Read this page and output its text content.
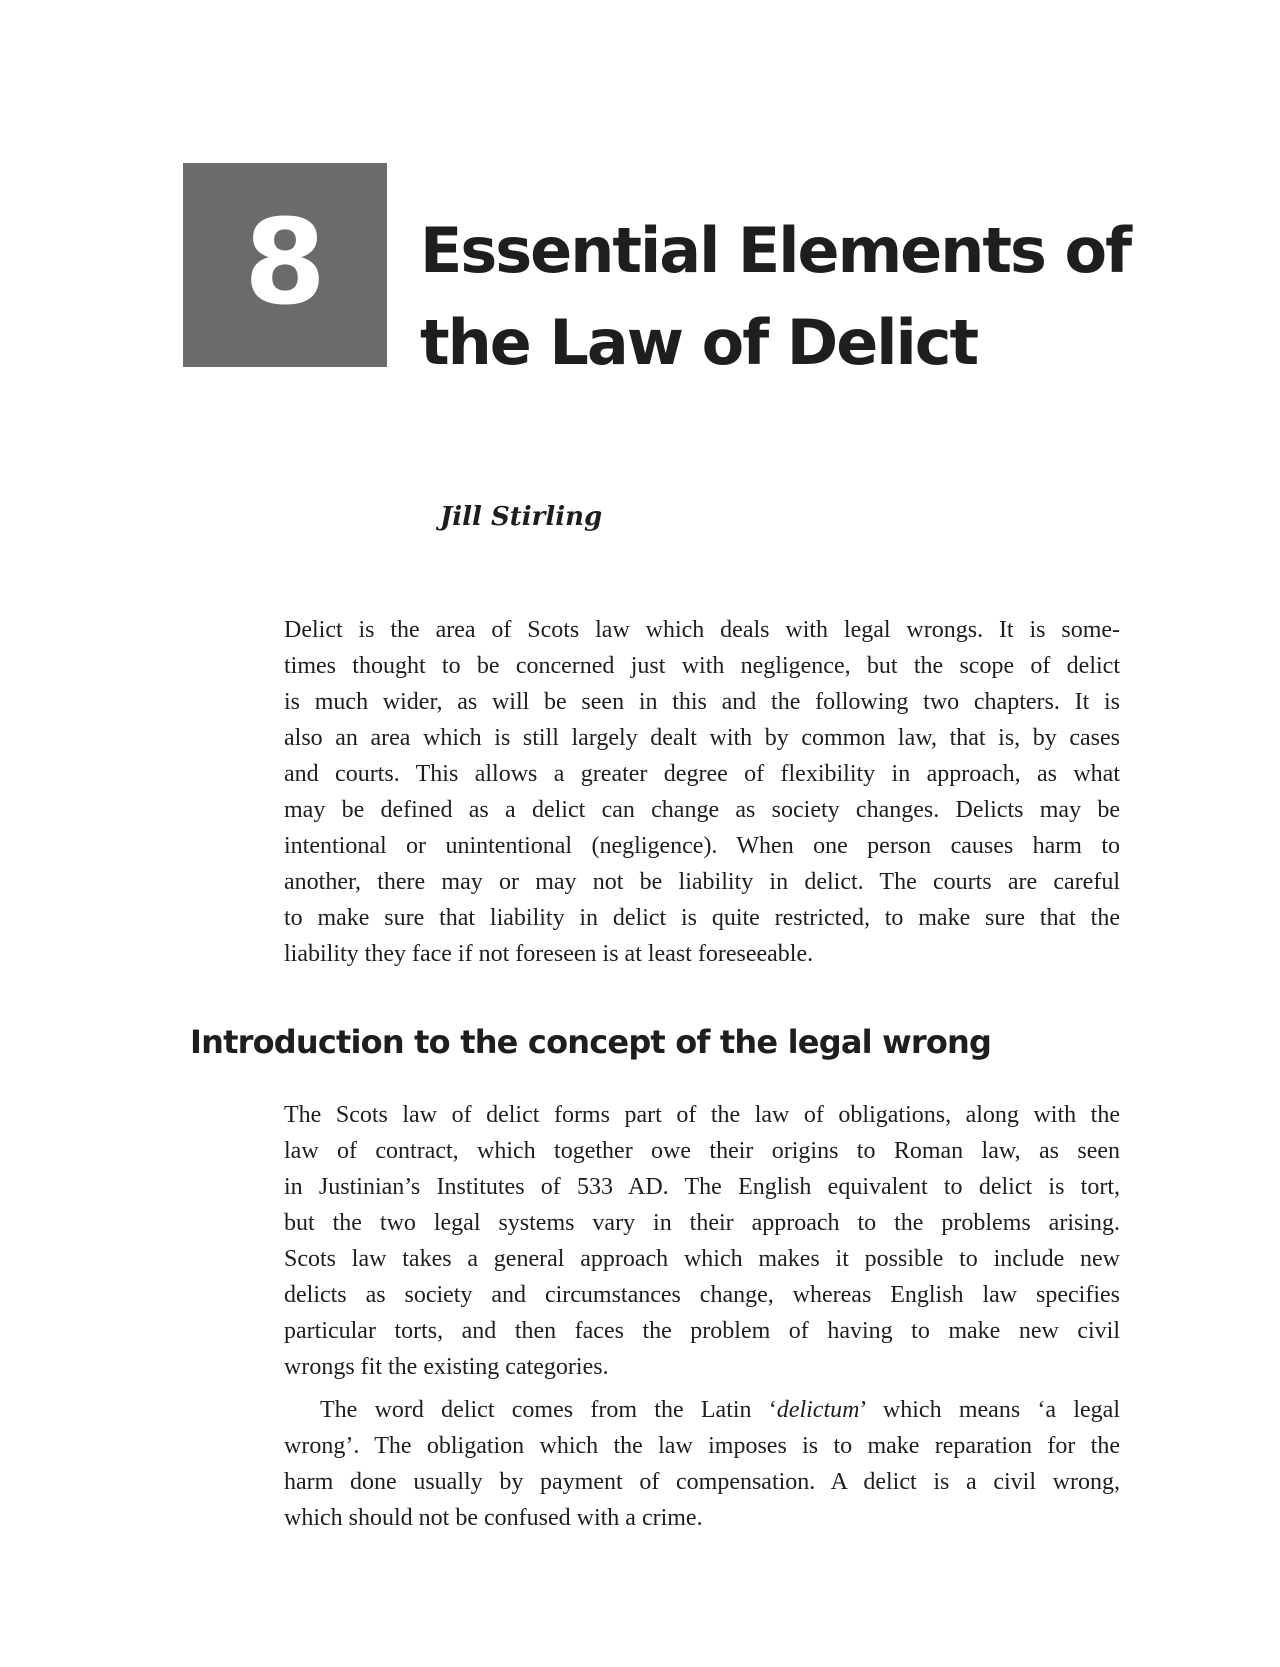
8 Essential Elements of
the Law of Delict
Jill Stirling

Delict is the area of Scots law which deals with legal wrongs. It is some-
times thought to be concerned just with negligence, but the scope of delict
is much wider, as will be seen in this and the following two chapters. It is
also an area which is still largely dealt with by common law, that is, by cases
and courts. This allows a greater degree of flexibility in approach, as what
may be defined as a delict can change as society changes. Delicts may be
intentional or unintentional (negligence). When one person causes harm to
another, there may or may not be liability in delict. The courts are careful
to make sure that liability in delict is quite restricted, to make sure that the
liability they face if not foreseen is at least foreseeable.

Introduction to the concept of the legal wrong

The Scots law of delict forms part of the law of obligations, along with the
law of contract, which together owe their origins to Roman law, as seen
in Justinian’s Institutes of 533 AD. The English equivalent to delict is tort,
but the two legal systems vary in their approach to the problems arising.
Scots law takes a general approach which makes it possible to include new
delicts as society and circumstances change, whereas English law specifies
particular torts, and then faces the problem of having to make new civil
wrongs fit the existing categories.

The word delict comes from the Latin ‘delictum’ which means ‘a legal
wrong’. The obligation which the law imposes is to make reparation for the
harm done usually by payment of compensation. A delict is a civil wrong,
which should not be confused with a crime.
